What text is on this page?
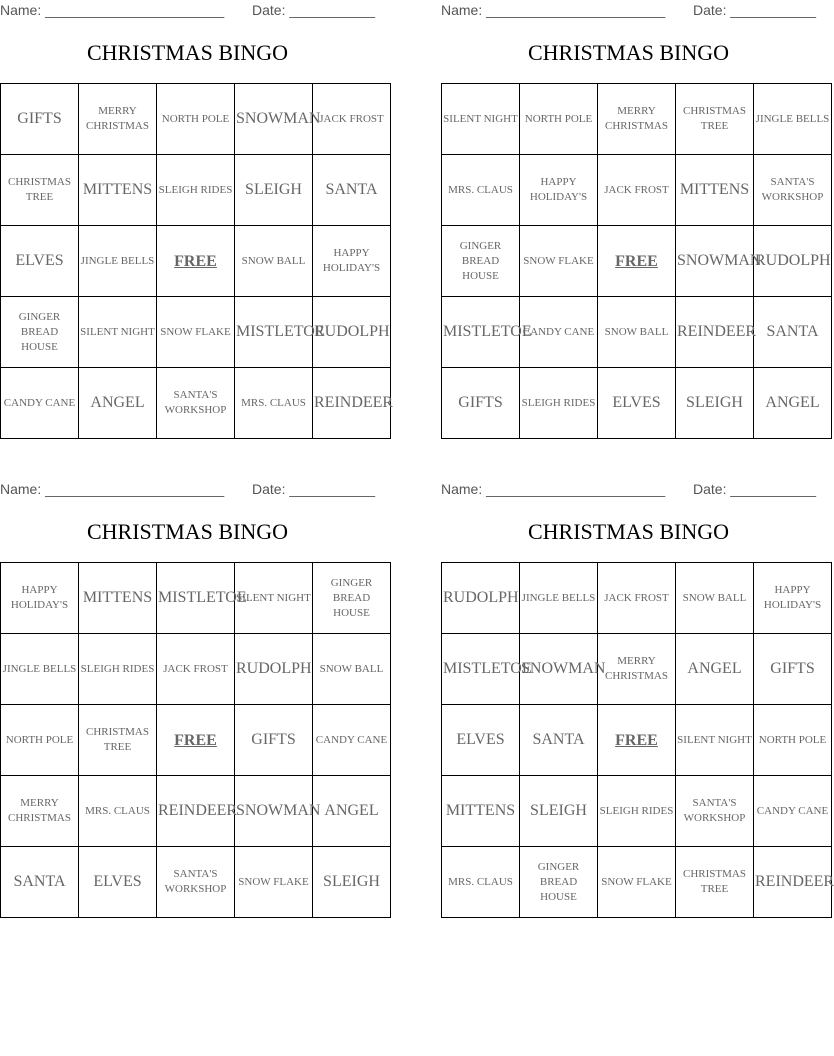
Name: _______________________ Date: ___________
CHRISTMAS BINGO
GIFTS	MERRY CHRISTMAS	NORTH POLE	SNOWMAN	JACK FROST
CHRISTMAS TREE	MITTENS	SLEIGH RIDES	SLEIGH	SANTA
ELVES	JINGLE BELLS	FREE	SNOW BALL	HAPPY HOLIDAY'S
GINGER BREAD HOUSE	SILENT NIGHT	SNOW FLAKE	MISTLETOE	RUDOLPH
CANDY CANE	ANGEL	SANTA'S WORKSHOP	MRS. CLAUS	REINDEER
Name: _______________________ Date: ___________
CHRISTMAS BINGO
SILENT NIGHT	NORTH POLE	MERRY CHRISTMAS	CHRISTMAS TREE	JINGLE BELLS
MRS. CLAUS	HAPPY HOLIDAY'S	JACK FROST	MITTENS	SANTA'S WORKSHOP
GINGER BREAD HOUSE	SNOW FLAKE	FREE	SNOWMAN	RUDOLPH
MISTLETOE	CANDY CANE	SNOW BALL	REINDEER	SANTA
GIFTS	SLEIGH RIDES	ELVES	SLEIGH	ANGEL
Name: _______________________ Date: ___________
CHRISTMAS BINGO
HAPPY HOLIDAY'S	MITTENS	MISTLETOE	SILENT NIGHT	GINGER BREAD HOUSE
JINGLE BELLS	SLEIGH RIDES	JACK FROST	RUDOLPH	SNOW BALL
NORTH POLE	CHRISTMAS TREE	FREE	GIFTS	CANDY CANE
MERRY CHRISTMAS	MRS. CLAUS	REINDEER	SNOWMAN	ANGEL
SANTA	ELVES	SANTA'S WORKSHOP	SNOW FLAKE	SLEIGH
Name: _______________________ Date: ___________
CHRISTMAS BINGO
RUDOLPH	JINGLE BELLS	JACK FROST	SNOW BALL	HAPPY HOLIDAY'S
MISTLETOE	SNOWMAN	MERRY CHRISTMAS	ANGEL	GIFTS
ELVES	SANTA	FREE	SILENT NIGHT	NORTH POLE
MITTENS	SLEIGH	SLEIGH RIDES	SANTA'S WORKSHOP	CANDY CANE
MRS. CLAUS	GINGER BREAD HOUSE	SNOW FLAKE	CHRISTMAS TREE	REINDEER
